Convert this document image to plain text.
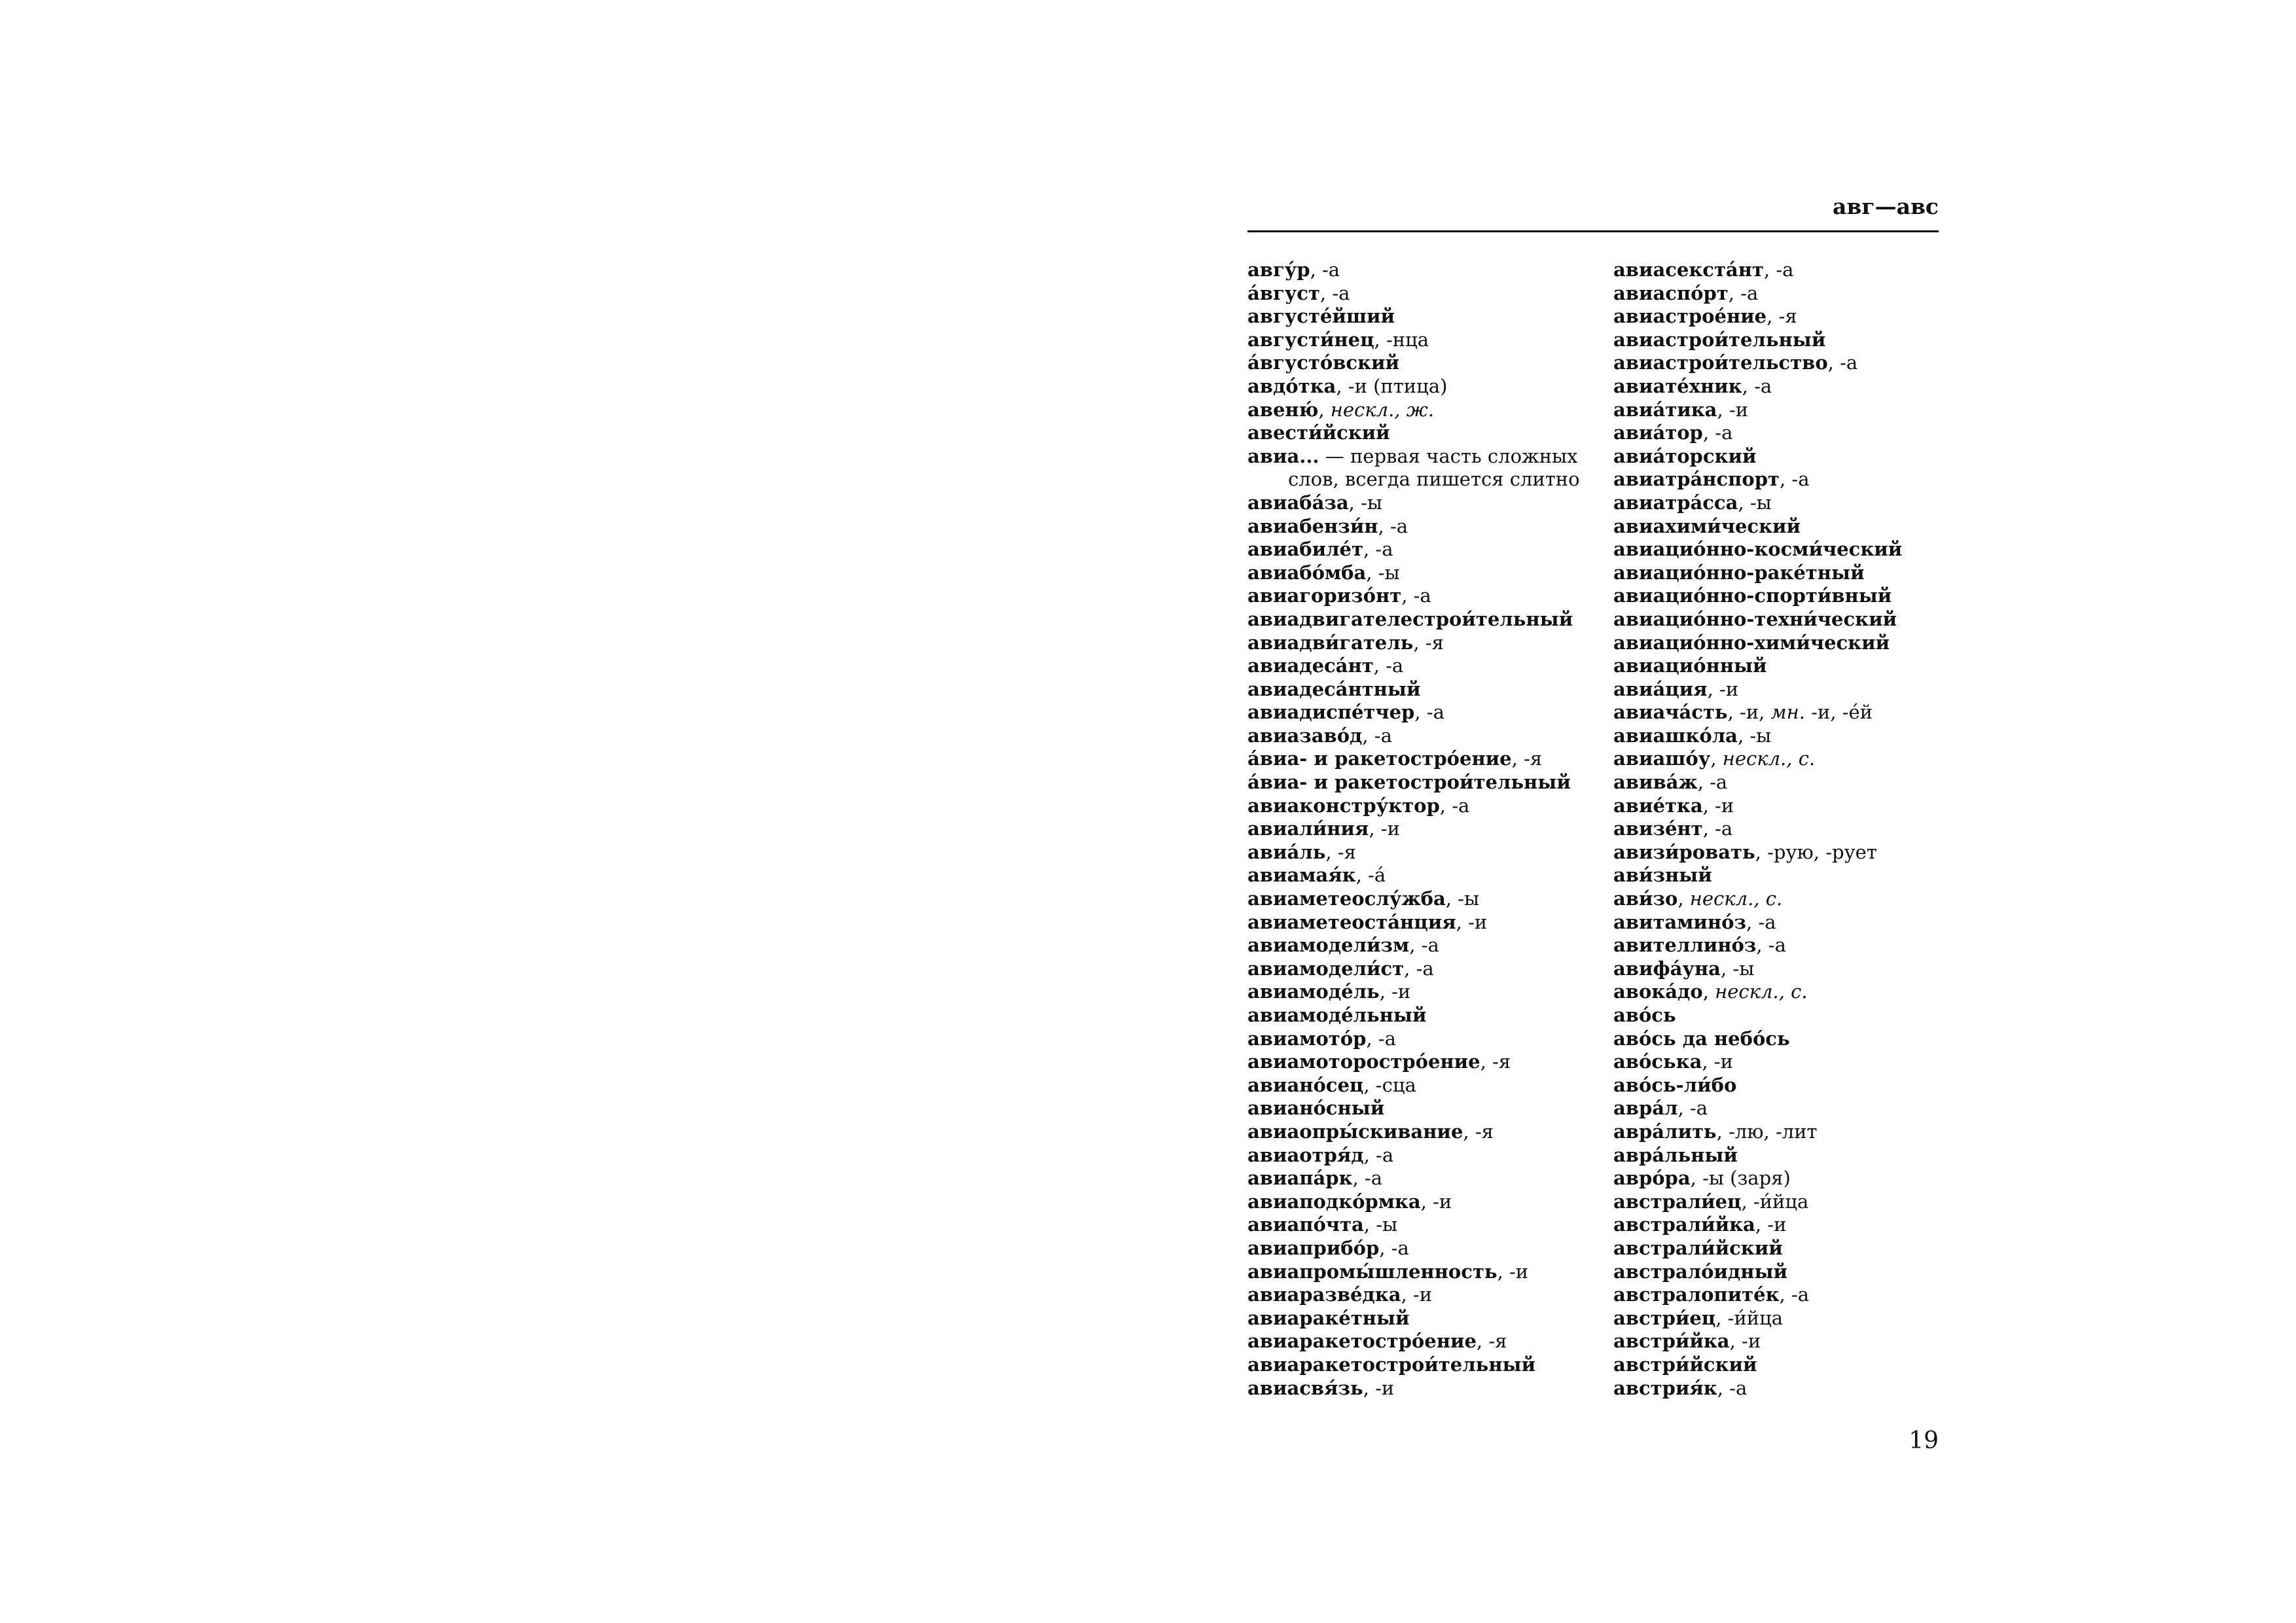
авг—авс
авгу́р, -а
а́вгуст, -а
августе́йший
августи́нец, -нца
а́вгусто́вский
авдо́тка, -и (птица)
авеню́, нескл., ж.
авести́йский
авиа... — первая часть сложных
слов, всегда пишется слитно
авиаба́за, -ы
авиабензи́н, -а
авиабиле́т, -а
авиабо́мба, -ы
авиагоризо́нт, -а
авиадвигателестрои́тельный
авиадви́гатель, -я
авиадеса́нт, -а
авиадеса́нтный
авиадиспе́тчер, -а
авиазаво́д, -а
а́виа- и ракетостро́ение, -я
а́виа- и ракетострои́тельный
авиаконстру́ктор, -а
авиали́ния, -и
авиа́ль, -я
авиамая́к, -а́
авиаметеослу́жба, -ы
авиаметеоста́нция, -и
авиамодели́зм, -а
авиамодели́ст, -а
авиамоде́ль, -и
авиамоде́льный
авиамото́р, -а
авиамоторостро́ение, -я
авиано́сец, -сца
авиано́сный
авиаопры́скивание, -я
авиаотря́д, -а
авиапа́рк, -а
авиаподко́рмка, -и
авиапо́чта, -ы
авиаприбо́р, -а
авиапромы́шленность, -и
авиаразве́дка, -и
авиараке́тный
авиаракетостро́ение, -я
авиаракетострои́тельный
авиасвя́зь, -и
авиасекста́нт, -а
авиаспо́рт, -а
авиастрое́ние, -я
авиастрои́тельный
авиастрои́тельство, -а
авиате́хник, -а
авиа́тика, -и
авиа́тор, -а
авиа́торский
авиатра́нспорт, -а
авиатра́сса, -ы
авиахими́ческий
авиацио́нно-косми́ческий
авиацио́нно-раке́тный
авиацио́нно-спорти́вный
авиацио́нно-техни́ческий
авиацио́нно-хими́ческий
авиацио́нный
авиа́ция, -и
авиача́сть, -и, мн. -и, -е́й
авиашко́ла, -ы
авиашо́у, нескл., с.
авива́ж, -а
авие́тка, -и
авизе́нт, -а
авизи́ровать, -рую, -рует
ави́зный
ави́зо, нескл., с.
авитамино́з, -а
авителлино́з, -а
авифа́уна, -ы
авока́до, нескл., с.
аво́сь
аво́сь да небо́сь
аво́ська, -и
аво́сь-ли́бо
авра́л, -а
авра́лить, -лю, -лит
авра́льный
авро́ра, -ы (заря)
австрали́ец, -и́йца
австрали́йка, -и
австрали́йский
австрало́идный
австралопите́к, -а
австри́ец, -и́йца
австри́йка, -и
австри́йский
австрия́к, -а
19
